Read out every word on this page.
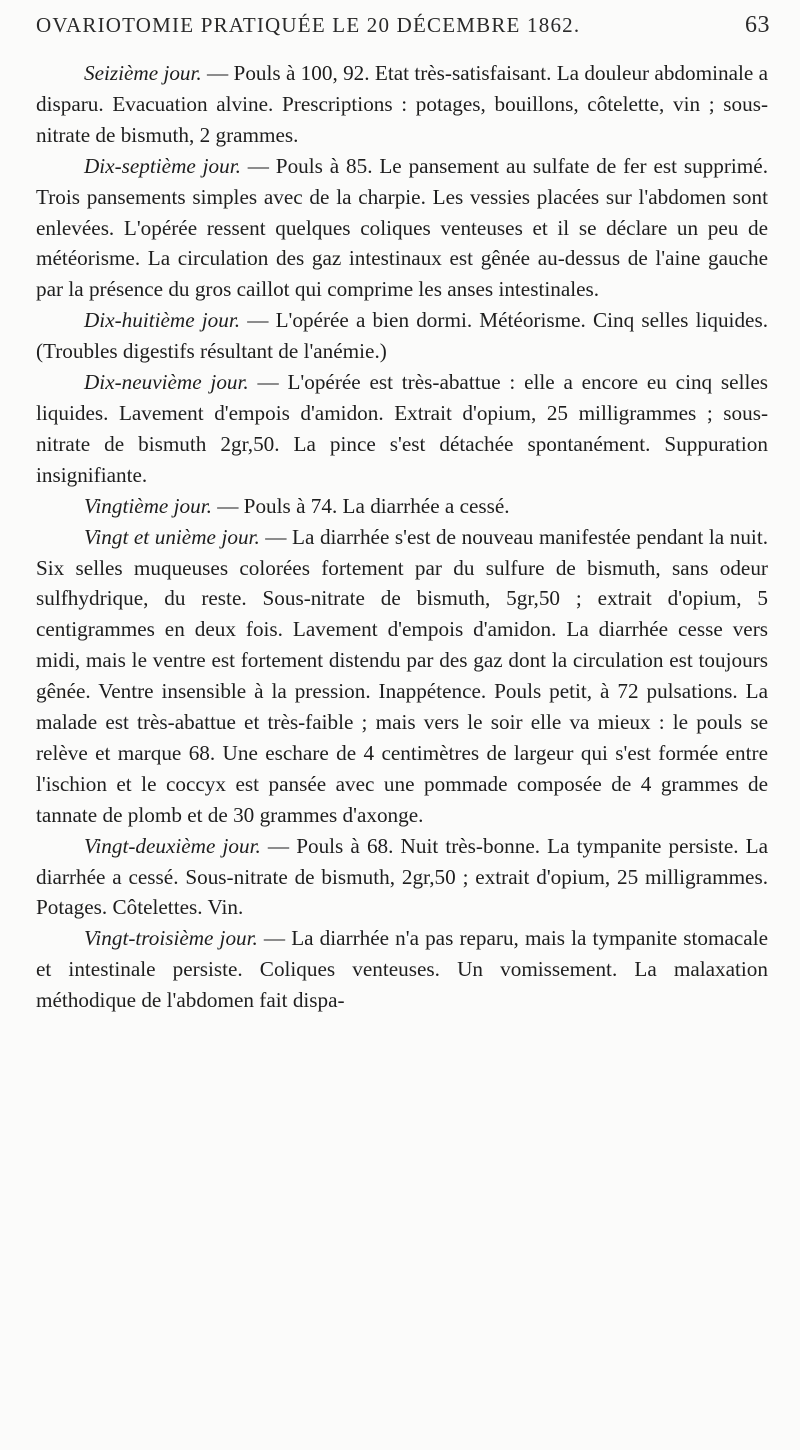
OVARIOTOMIE PRATIQUÉE LE 20 DÉCEMBRE 1862.	63

Seizième jour. — Pouls à 100, 92. Etat très-satisfaisant. La douleur abdominale a disparu. Evacuation alvine. Prescriptions : potages, bouillons, côtelette, vin ; sous-nitrate de bismuth, 2 grammes.

Dix-septième jour. — Pouls à 85. Le pansement au sulfate de fer est supprimé. Trois pansements simples avec de la charpie. Les vessies placées sur l'abdomen sont enlevées. L'opérée ressent quelques coliques venteuses et il se déclare un peu de météorisme. La circulation des gaz intestinaux est gênée au-dessus de l'aine gauche par la présence du gros caillot qui comprime les anses intestinales.

Dix-huitième jour. — L'opérée a bien dormi. Météorisme. Cinq selles liquides. (Troubles digestifs résultant de l'anémie.)

Dix-neuvième jour. — L'opérée est très-abattue : elle a encore eu cinq selles liquides. Lavement d'empois d'amidon. Extrait d'opium, 25 milligrammes ; sous-nitrate de bismuth 2gr,50. La pince s'est détachée spontanément. Suppuration insignifiante.

Vingtième jour. — Pouls à 74. La diarrhée a cessé.

Vingt et unième jour. — La diarrhée s'est de nouveau manifestée pendant la nuit. Six selles muqueuses colorées fortement par du sulfure de bismuth, sans odeur sulfhydrique, du reste. Sous-nitrate de bismuth, 5gr,50 ; extrait d'opium, 5 centigrammes en deux fois. Lavement d'empois d'amidon. La diarrhée cesse vers midi, mais le ventre est fortement distendu par des gaz dont la circulation est toujours gênée. Ventre insensible à la pression. Inappétence. Pouls petit, à 72 pulsations. La malade est très-abattue et très-faible ; mais vers le soir elle va mieux : le pouls se relève et marque 68. Une eschare de 4 centimètres de largeur qui s'est formée entre l'ischion et le coccyx est pansée avec une pommade composée de 4 grammes de tannate de plomb et de 30 grammes d'axonge.

Vingt-deuxième jour. — Pouls à 68. Nuit très-bonne. La tympanite persiste. La diarrhée a cessé. Sous-nitrate de bismuth, 2gr,50 ; extrait d'opium, 25 milligrammes. Potages. Côtelettes. Vin.

Vingt-troisième jour. — La diarrhée n'a pas reparu, mais la tympanite stomacale et intestinale persiste. Coliques venteuses. Un vomissement. La malaxation méthodique de l'abdomen fait dispa-
